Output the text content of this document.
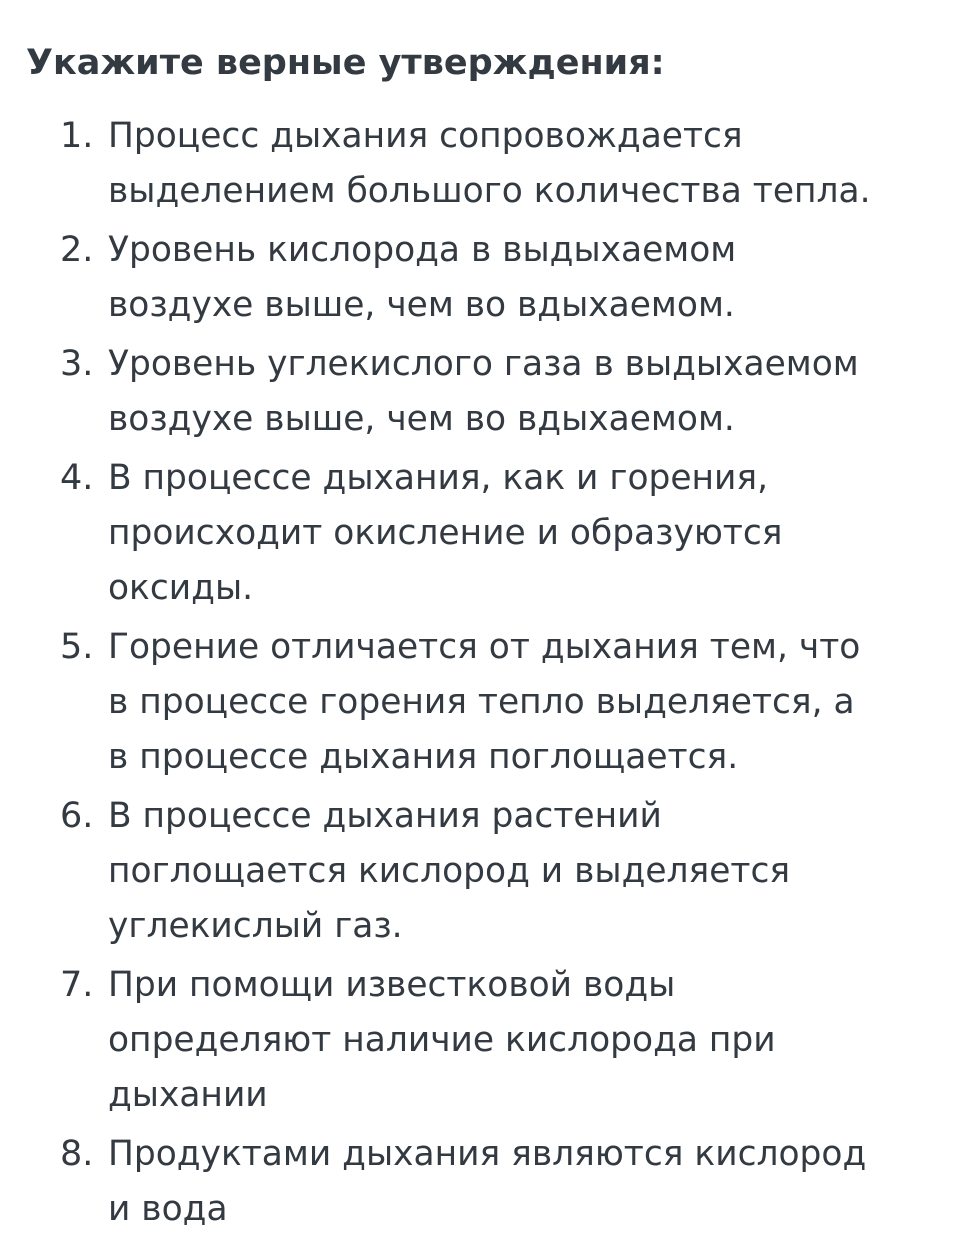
Укажите верные утверждения:
1. Процесс дыхания сопровождается
выделением большого количества тепла.
2. Уровень кислорода в выдыхаемом
воздухе выше, чем во вдыхаемом.
3. Уровень углекислого газа в выдыхаемом
воздухе выше, чем во вдыхаемом.
4. В процессе дыхания, как и горения,
происходит окисление и образуются
оксиды.
5. Горение отличается от дыхания тем, что
в процессе горения тепло выделяется, а
в процессе дыхания поглощается.
6. В процессе дыхания растений
поглощается кислород и выделяется
углекислый газ.
7. При помощи известковой воды
определяют наличие кислорода при
дыхании
8. Продуктами дыхания являются кислород
и вода
